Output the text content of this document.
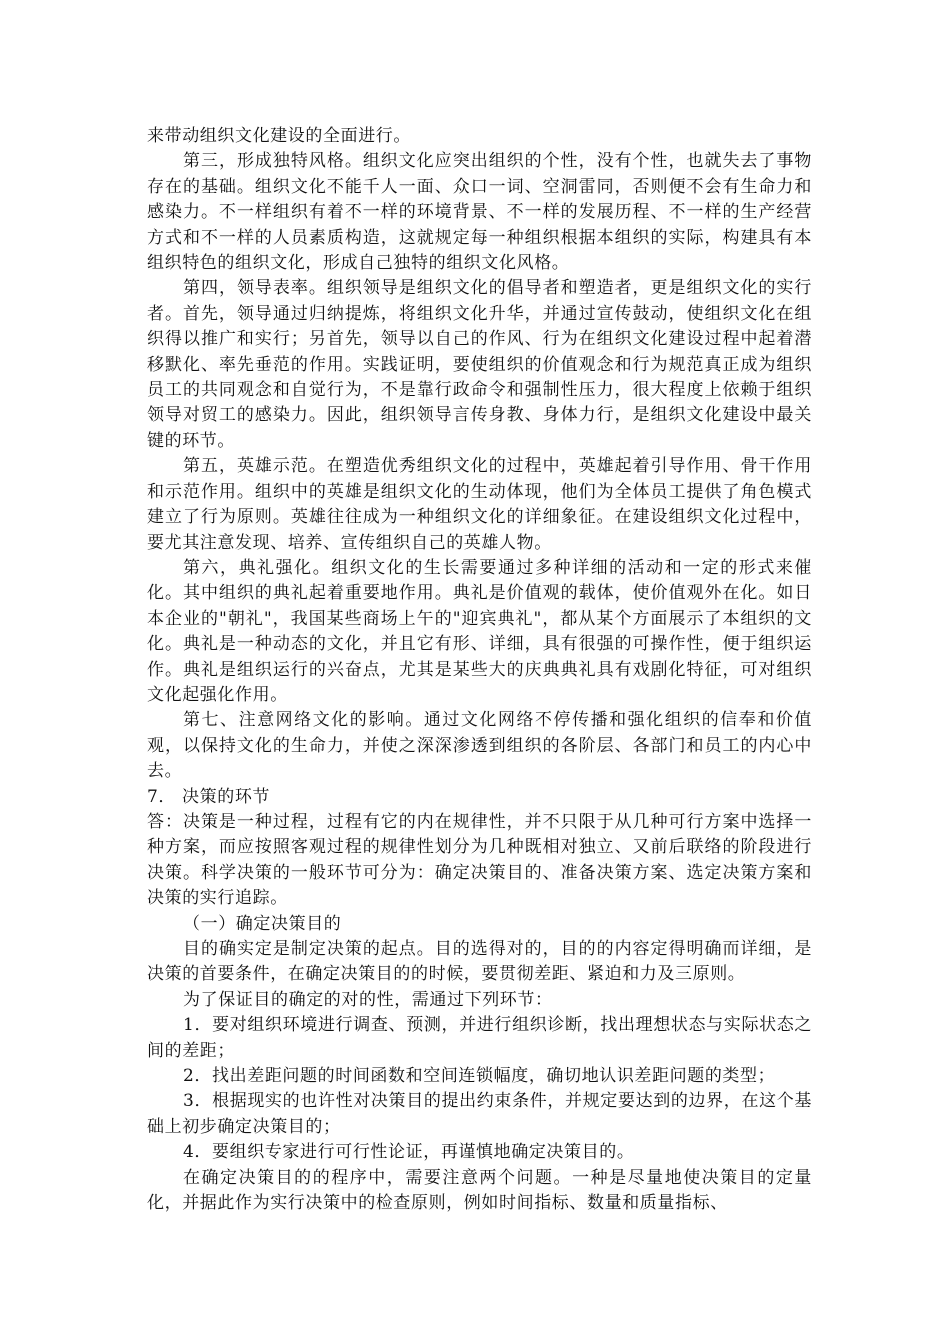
来带动组织文化建设的全面进行。

第三，形成独特风格。组织文化应突出组织的个性，没有个性，也就失去了事物存在的基础。组织文化不能千人一面、众口一词、空洞雷同，否则便不会有生命力和感染力。不一样组织有着不一样的环境背景、不一样的发展历程、不一样的生产经营方式和不一样的人员素质构造，这就规定每一种组织根据本组织的实际，构建具有本组织特色的组织文化，形成自己独特的组织文化风格。

第四，领导表率。组织领导是组织文化的倡导者和塑造者，更是组织文化的实行者。首先，领导通过归纳提炼，将组织文化升华，并通过宣传鼓动，使组织文化在组织得以推广和实行；另首先，领导以自己的作风、行为在组织文化建设过程中起着潜移默化、率先垂范的作用。实践证明，要使组织的价值观念和行为规范真正成为组织员工的共同观念和自觉行为，不是靠行政命令和强制性压力，很大程度上依赖于组织领导对贸工的感染力。因此，组织领导言传身教、身体力行，是组织文化建设中最关键的环节。

第五，英雄示范。在塑造优秀组织文化的过程中，英雄起着引导作用、骨干作用和示范作用。组织中的英雄是组织文化的生动体现，他们为全体员工提供了角色模式建立了行为原则。英雄往往成为一种组织文化的详细象征。在建设组织文化过程中，要尤其注意发现、培养、宣传组织自己的英雄人物。

第六，典礼强化。组织文化的生长需要通过多种详细的活动和一定的形式来催化。其中组织的典礼起着重要地作用。典礼是价值观的载体，使价值观外在化。如日本企业的"朝礼"，我国某些商场上午的"迎宾典礼"，都从某个方面展示了本组织的文化。典礼是一种动态的文化，并且它有形、详细，具有很强的可操作性，便于组织运作。典礼是组织运行的兴奋点，尤其是某些大的庆典典礼具有戏剧化特征，可对组织文化起强化作用。

第七、注意网络文化的影响。通过文化网络不停传播和强化组织的信奉和价值观，以保持文化的生命力，并使之深深渗透到组织的各阶层、各部门和员工的内心中去。

7． 决策的环节

答：决策是一种过程，过程有它的内在规律性，并不只限于从几种可行方案中选择一种方案，而应按照客观过程的规律性划分为几种既相对独立、又前后联络的阶段进行决策。科学决策的一般环节可分为：确定决策目的、准备决策方案、选定决策方案和决策的实行追踪。

（一）确定决策目的

目的确实定是制定决策的起点。目的选得对的，目的的内容定得明确而详细，是决策的首要条件，在确定决策目的的时候，要贯彻差距、紧迫和力及三原则。

为了保证目的确定的对的性，需通过下列环节：

1．要对组织环境进行调查、预测，并进行组织诊断，找出理想状态与实际状态之间的差距；

2．找出差距问题的时间函数和空间连锁幅度，确切地认识差距问题的类型；

3．根据现实的也许性对决策目的提出约束条件，并规定要达到的边界，在这个基础上初步确定决策目的；

4．要组织专家进行可行性论证，再谨慎地确定决策目的。

在确定决策目的的程序中，需要注意两个问题。一种是尽量地使决策目的定量化，并据此作为实行决策中的检查原则，例如时间指标、数量和质量指标、
